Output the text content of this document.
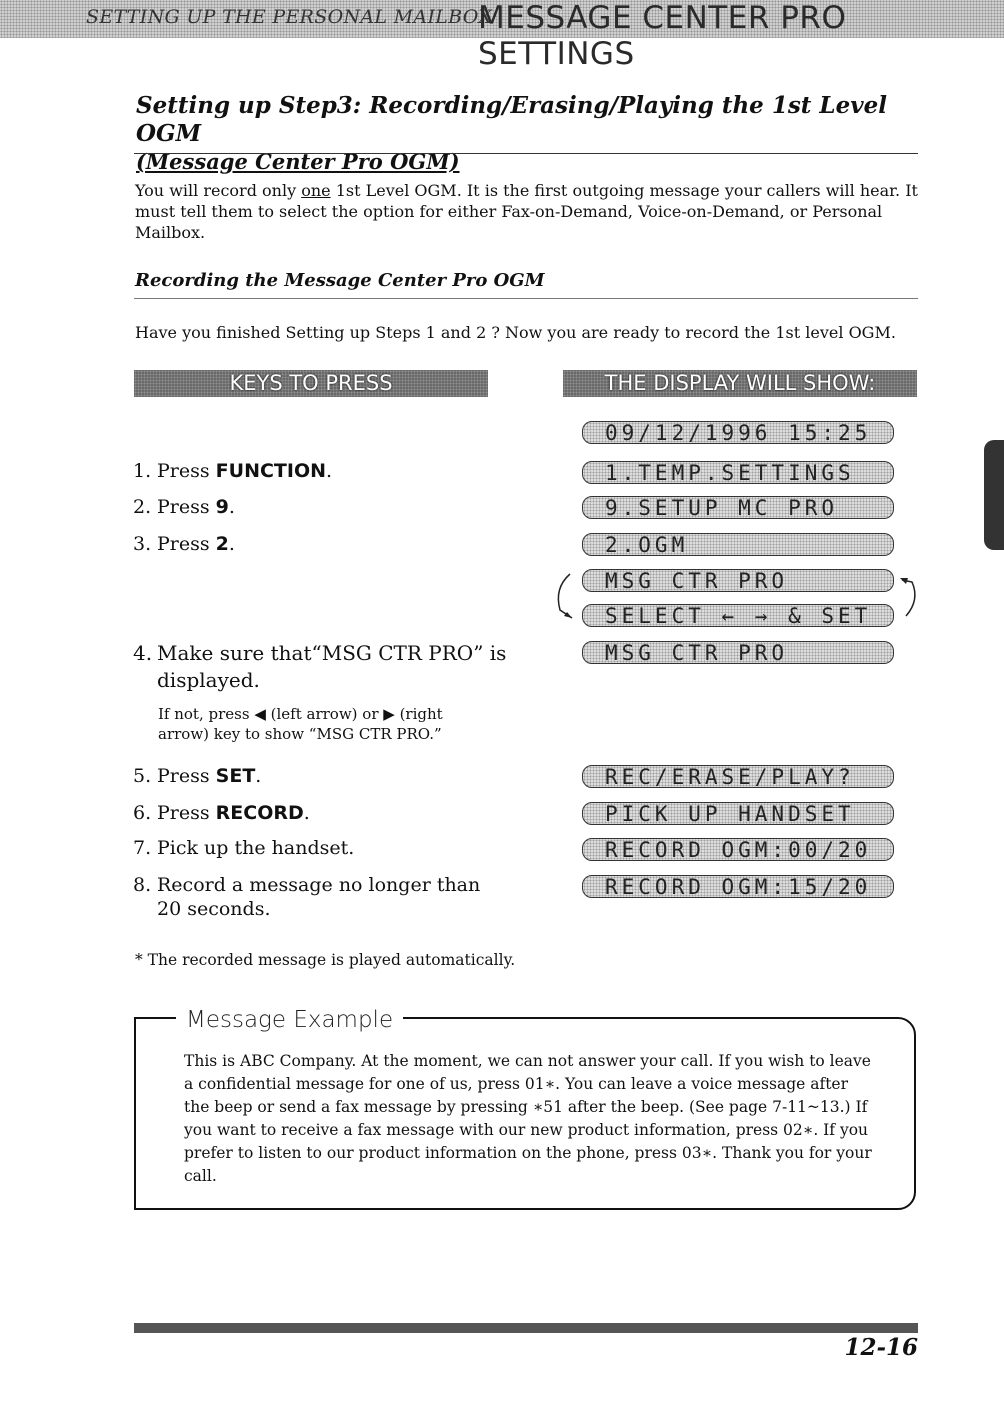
SETTING UP THE PERSONAL MAILBOX
MESSAGE CENTER PRO SETTINGS
Setting up Step3: Recording/Erasing/Playing the 1st Level OGM
(Message Center Pro OGM)
You will record only one 1st Level OGM. It is the first outgoing message your callers will hear. It must tell them to select the option for either Fax-on-Demand, Voice-on-Demand, or Personal Mailbox.
Recording the Message Center Pro OGM
Have you finished Setting up Steps 1 and 2 ? Now you are ready to record the 1st level OGM.
KEYS TO PRESS	THE DISPLAY WILL SHOW:
1. Press FUNCTION.
2. Press 9.
3. Press 2.
4. Make sure that“MSG CTR PRO” is
displayed.
If not, press ◀ (left arrow) or ▶ (right arrow) key to show “MSG CTR PRO.”
5. Press SET.
6. Press RECORD.
7. Pick up the handset.
8. Record a message no longer than
20 seconds.
09/12/1996 15:25
1.TEMP.SETTINGS
9.SETUP MC PRO
2.OGM
MSG CTR PRO
SELECT ← → & SET
MSG CTR PRO
REC/ERASE/PLAY?
PICK UP HANDSET
RECORD OGM:00/20
RECORD OGM:15/20
* The recorded message is played automatically.
Message Example
This is ABC Company. At the moment, we can not answer your call. If you wish to leave a confidential message for one of us, press 01∗. You can leave a voice message after the beep or send a fax message by pressing ∗51 after the beep. (See page 7-11~13.) If you want to receive a fax message with our new product information, press 02∗. If you prefer to listen to our product information on the phone, press 03∗. Thank you for your call.
12-16
